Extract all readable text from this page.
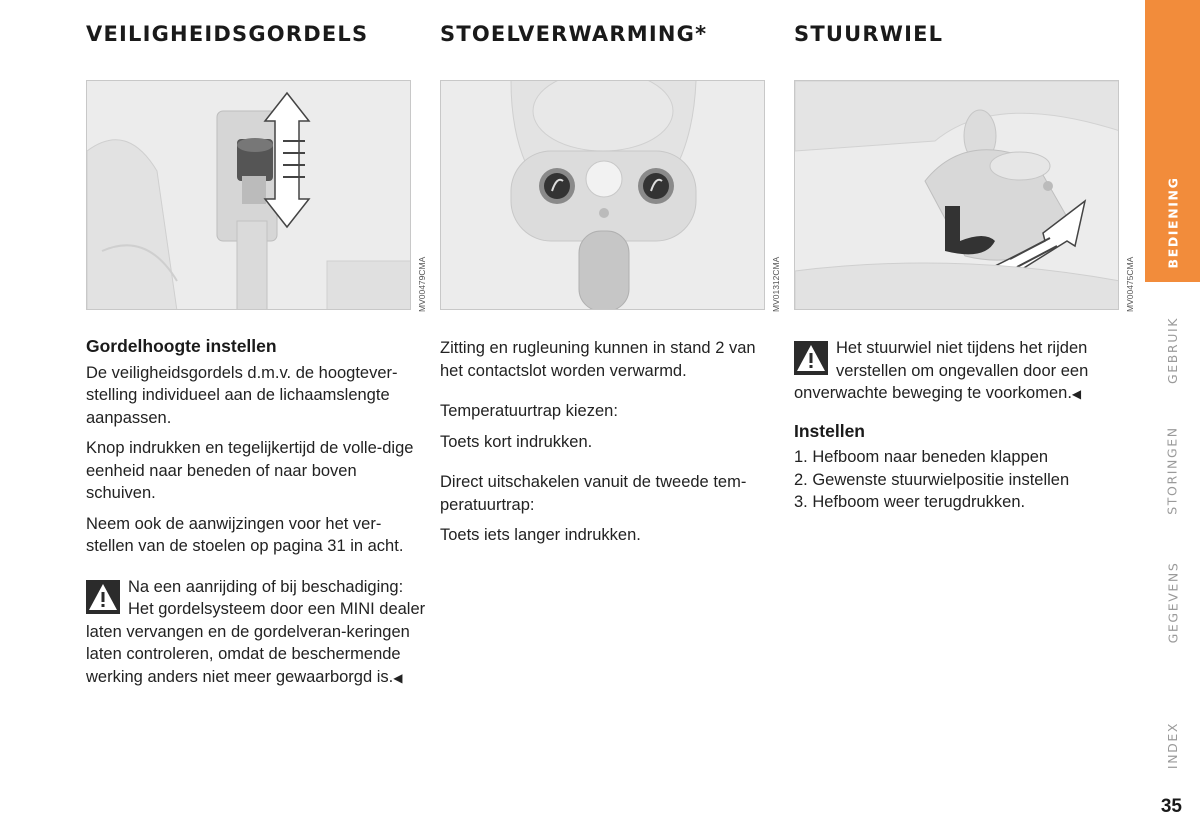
VEILIGHEIDSGORDELS
MV00479CMA
Gordelhoogte instellen

De veiligheidsgordels d.m.v. de hoogtever-stelling individueel aan de lichaamslengte aanpassen.

Knop indrukken en tegelijkertijd de volle-dige eenheid naar beneden of naar boven schuiven.

Neem ook de aanwijzingen voor het ver-stellen van de stoelen op pagina 31 in acht.

Na een aanrijding of bij beschadiging: Het gordelsysteem door een MINI dealer laten vervangen en de gordelveran-keringen laten controleren, omdat de beschermende werking anders niet meer gewaarborgd is.◀
STOELVERWARMING*
MV01312CMA

Zitting en rugleuning kunnen in stand 2 van het contactslot worden verwarmd.

Temperatuurtrap kiezen:

Toets kort indrukken.

Direct uitschakelen vanuit de tweede tem-peratuurtrap:

Toets iets langer indrukken.

STUURWIEL
MV00475CMA
Het stuurwiel niet tijdens het rijden verstellen om ongevallen door een onverwachte beweging te voorkomen.◀
Instellen
1. Hefboom naar beneden klappen
2. Gewenste stuurwielpositie instellen
3. Hefboom weer terugdrukken.
BEDIENING
GEBRUIK
STORINGEN
GEGEVENS
INDEX
35
